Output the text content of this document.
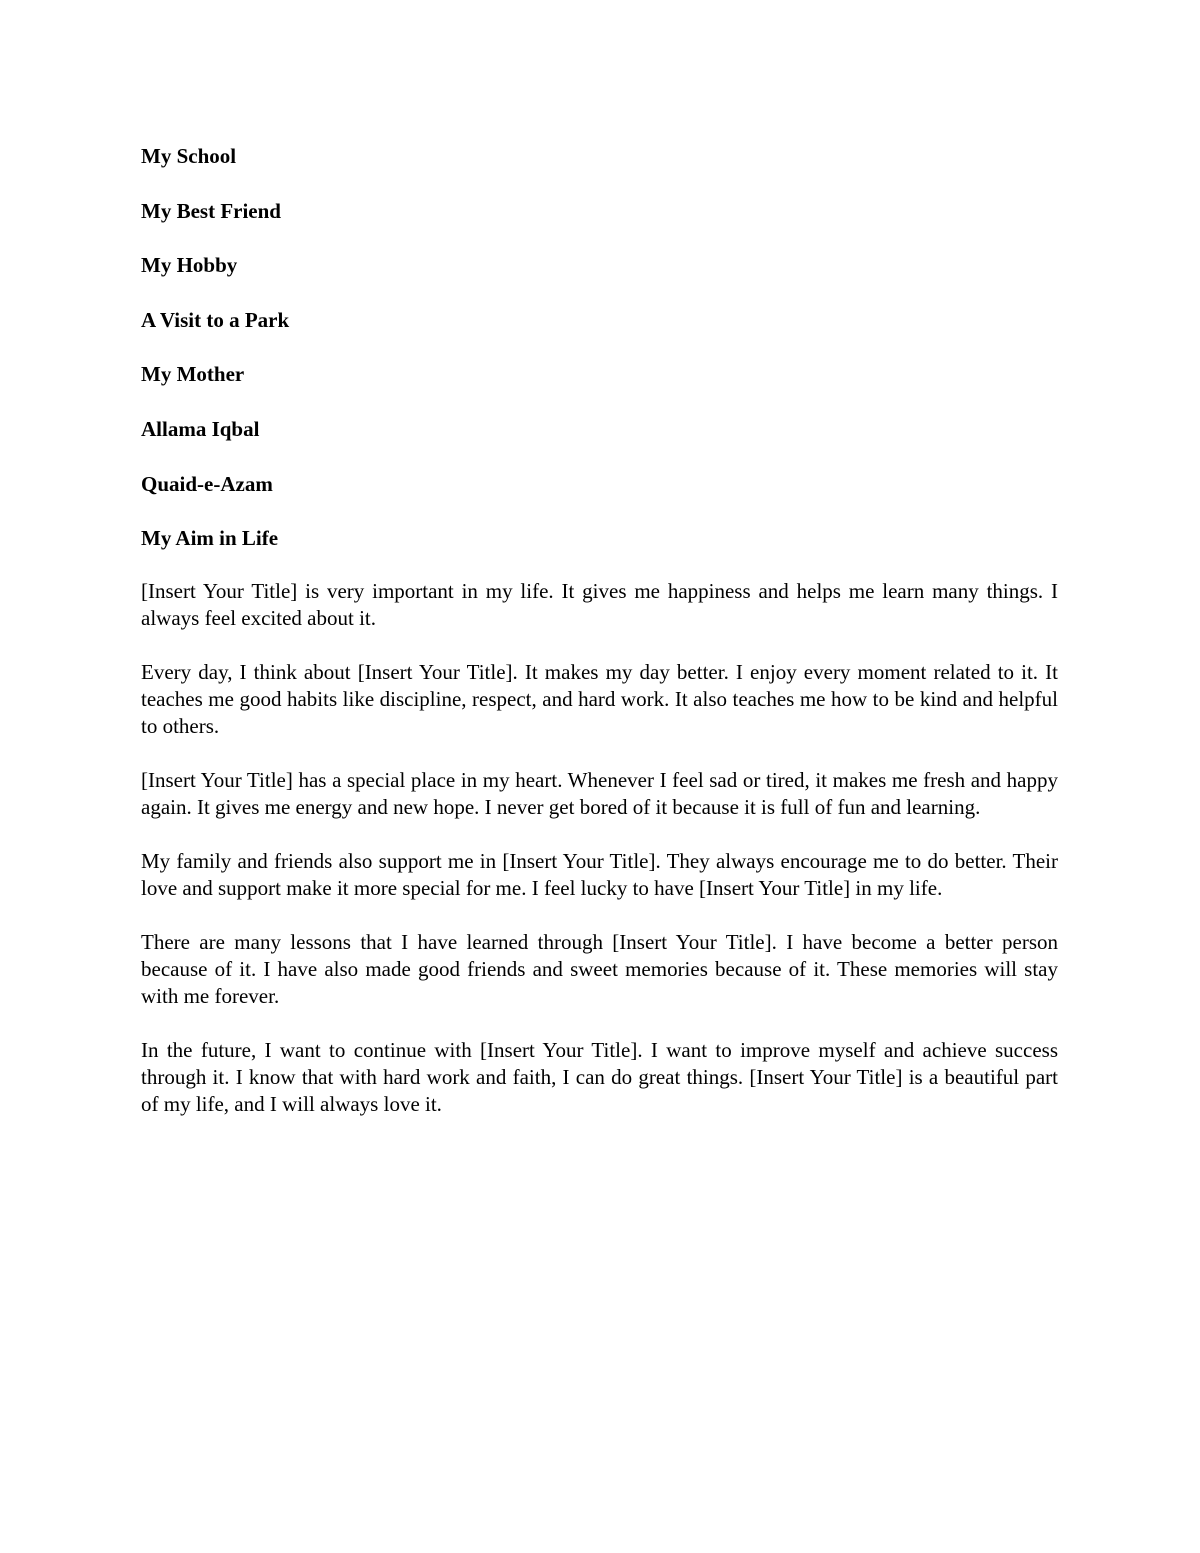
My School
My Best Friend
My Hobby
A Visit to a Park
My Mother
Allama Iqbal
Quaid-e-Azam
My Aim in Life

[Insert Your Title] is very important in my life. It gives me happiness and helps me learn many things. I always feel excited about it.

Every day, I think about [Insert Your Title]. It makes my day better. I enjoy every moment related to it. It teaches me good habits like discipline, respect, and hard work. It also teaches me how to be kind and helpful to others.

[Insert Your Title] has a special place in my heart. Whenever I feel sad or tired, it makes me fresh and happy again. It gives me energy and new hope. I never get bored of it because it is full of fun and learning.

My family and friends also support me in [Insert Your Title]. They always encourage me to do better. Their love and support make it more special for me. I feel lucky to have [Insert Your Title] in my life.

There are many lessons that I have learned through [Insert Your Title]. I have become a better person because of it. I have also made good friends and sweet memories because of it. These memories will stay with me forever.

In the future, I want to continue with [Insert Your Title]. I want to improve myself and achieve success through it. I know that with hard work and faith, I can do great things. [Insert Your Title] is a beautiful part of my life, and I will always love it.
